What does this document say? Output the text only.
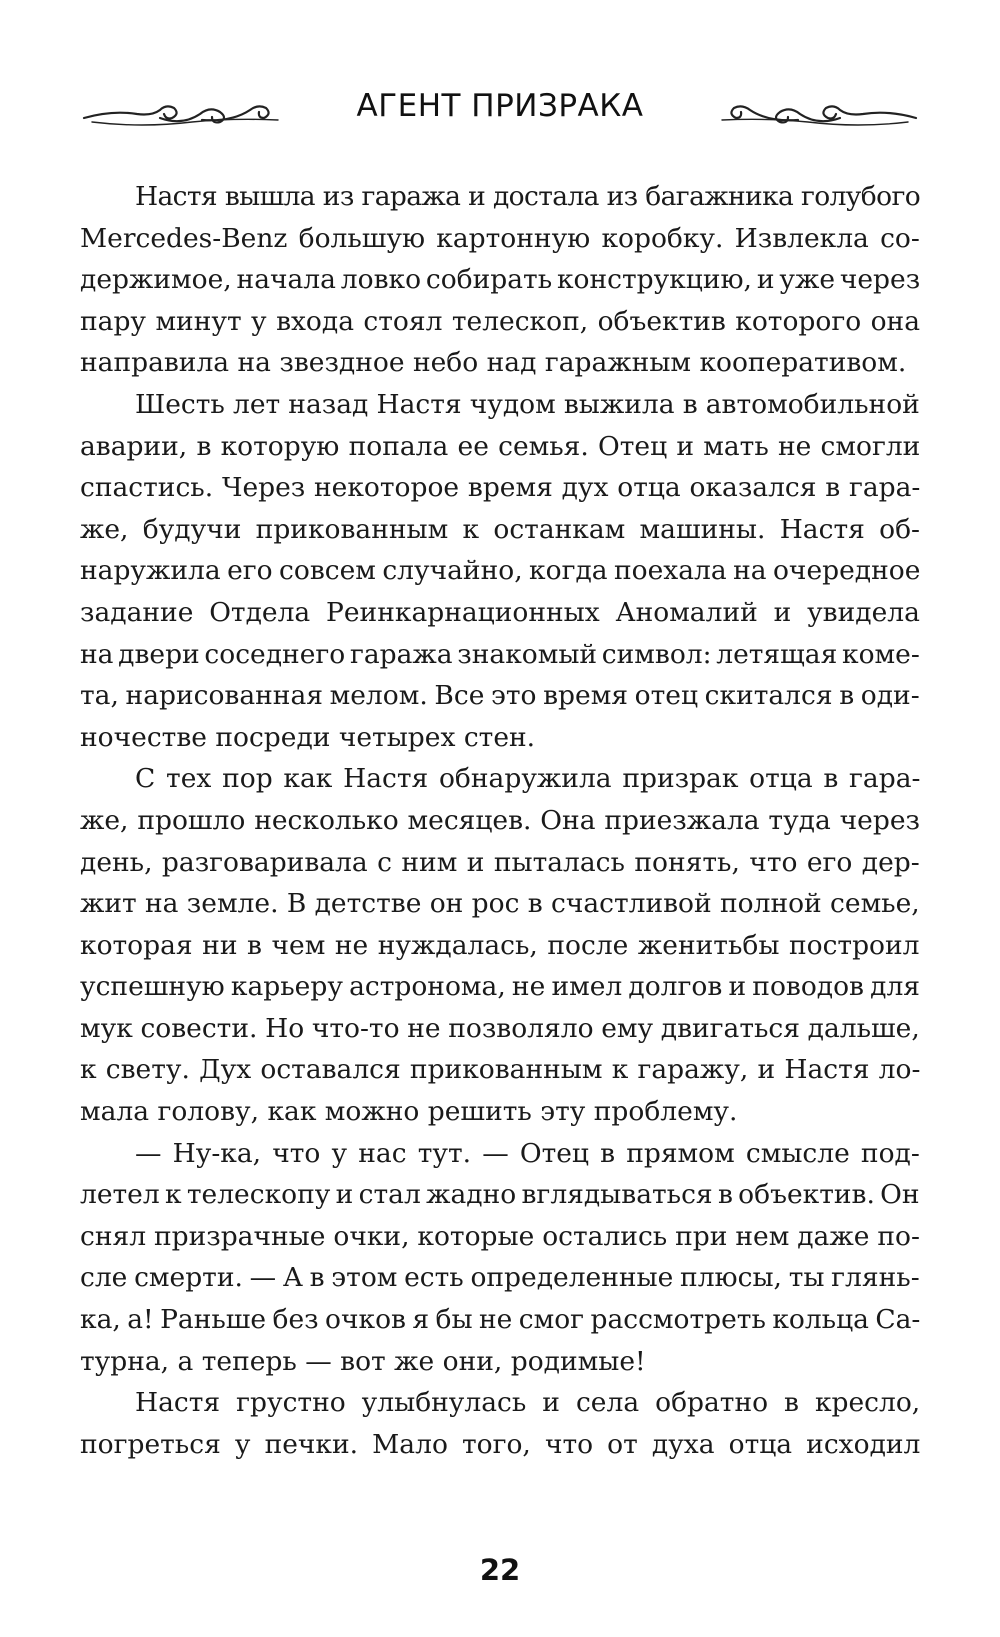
АГЕНТ ПРИЗРАКА
Настя вышла из гаража и достала из багажника голубого
Mercedes-Benz большую картонную коробку. Извлекла со-
держимое, начала ловко собирать конструкцию, и уже через
пару минут у входа стоял телескоп, объектив которого она
направила на звездное небо над гаражным кооперативом.
Шесть лет назад Настя чудом выжила в автомобильной
аварии, в которую попала ее семья. Отец и мать не смогли
спастись. Через некоторое время дух отца оказался в гара-
же, будучи прикованным к останкам машины. Настя об-
наружила его совсем случайно, когда поехала на очередное
задание Отдела Реинкарнационных Аномалий и увидела
на двери соседнего гаража знакомый символ: летящая коме-
та, нарисованная мелом. Все это время отец скитался в оди-
ночестве посреди четырех стен.
С тех пор как Настя обнаружила призрак отца в гара-
же, прошло несколько месяцев. Она приезжала туда через
день, разговаривала с ним и пыталась понять, что его дер-
жит на земле. В детстве он рос в счастливой полной семье,
которая ни в чем не нуждалась, после женитьбы построил
успешную карьеру астронома, не имел долгов и поводов для
мук совести. Но что-то не позволяло ему двигаться дальше,
к свету. Дух оставался прикованным к гаражу, и Настя ло-
мала голову, как можно решить эту проблему.
— Ну-ка, что у нас тут. — Отец в прямом смысле под-
летел к телескопу и стал жадно вглядываться в объектив. Он
снял призрачные очки, которые остались при нем даже по-
сле смерти. — А в этом есть определенные плюсы, ты глянь-
ка, а! Раньше без очков я бы не смог рассмотреть кольца Са-
турна, а теперь — вот же они, родимые!
Настя грустно улыбнулась и села обратно в кресло,
погреться у печки. Мало того, что от духа отца исходил
22
